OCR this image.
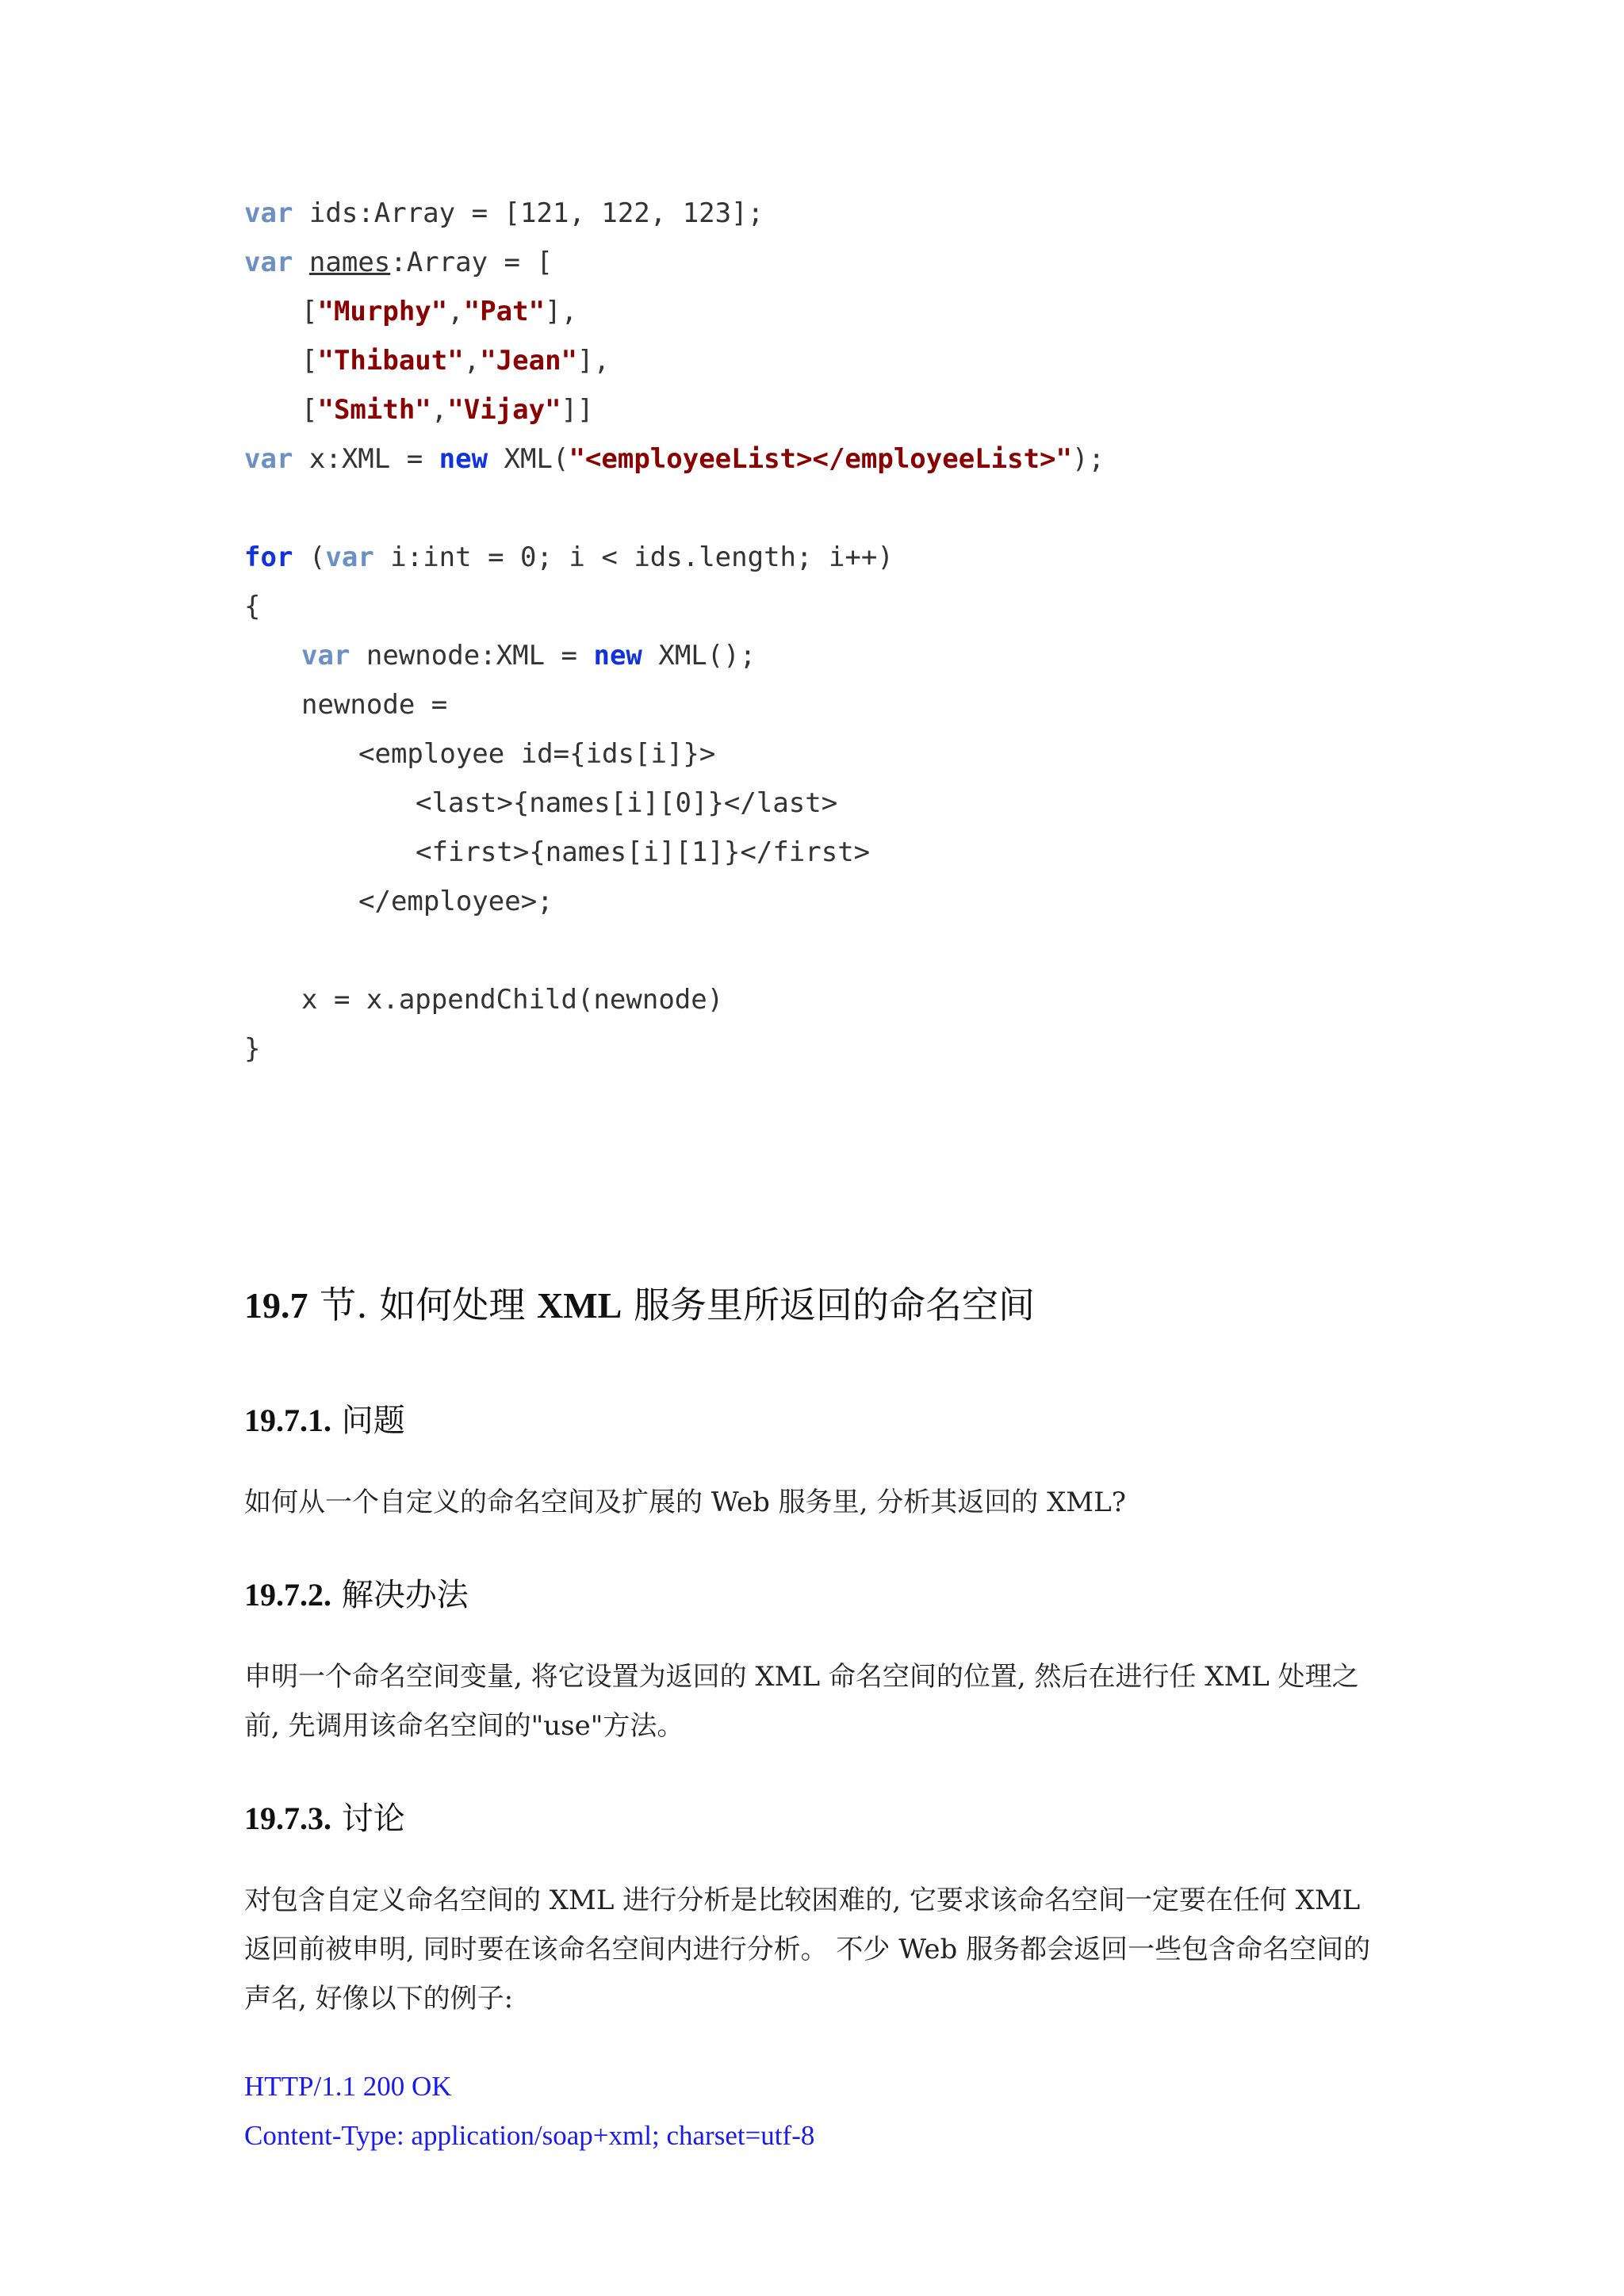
var ids:Array = [121, 122, 123];
var names:Array = [
["Murphy","Pat"],
["Thibaut","Jean"],
["Smith","Vijay"]]
var x:XML = new XML("<employeeList></employeeList>");

for (var i:int = 0; i < ids.length; i++)
{
var newnode:XML = new XML();
newnode =
<employee id={ids[i]}>
<last>{names[i][0]}</last>
<first>{names[i][1]}</first>
</employee>;

x = x.appendChild(newnode)
}
19.7 节. 如何处理 XML 服务里所返回的命名空间
19.7.1. 问题
如何从一个自定义的命名空间及扩展的 Web 服务里, 分析其返回的 XML?
19.7.2. 解决办法
申明一个命名空间变量, 将它设置为返回的 XML 命名空间的位置, 然后在进行任 XML 处理之前, 先调用该命名空间的"use"方法。
19.7.3. 讨论
对包含自定义命名空间的 XML 进行分析是比较困难的, 它要求该命名空间一定要在任何 XML 返回前被申明, 同时要在该命名空间内进行分析。 不少 Web 服务都会返回一些包含命名空间的声名, 好像以下的例子:
HTTP/1.1 200 OK
Content-Type: application/soap+xml; charset=utf-8
